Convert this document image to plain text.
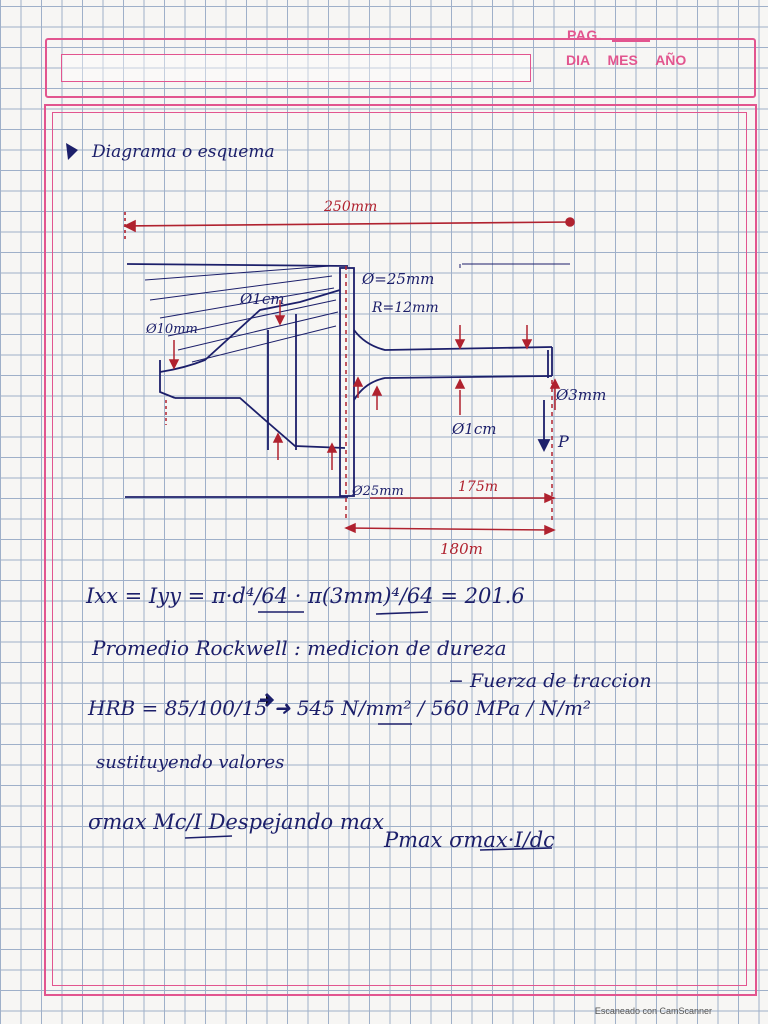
PAG.
DIA MES AÑO
Diagrama o esquema
250mm
Ø=25mm
R=12mm
Ø1cm
Ø10mm
Ø3mm
Ø1cm
P
Ø25mm	175m
180m
Ixx = Iyy = π·d⁴/64 · π(3mm)⁴/64 = 201.6
Promedio Rockwell : medicion de dureza
− Fuerza de traccion
HRB = 85/100/15 ➜ 545 N/mm² / 560 MPa / N/m²
sustituyendo valores
σmax Mc/I Despejando max
Pmax σmax·I/dc
Escaneado con CamScanner
